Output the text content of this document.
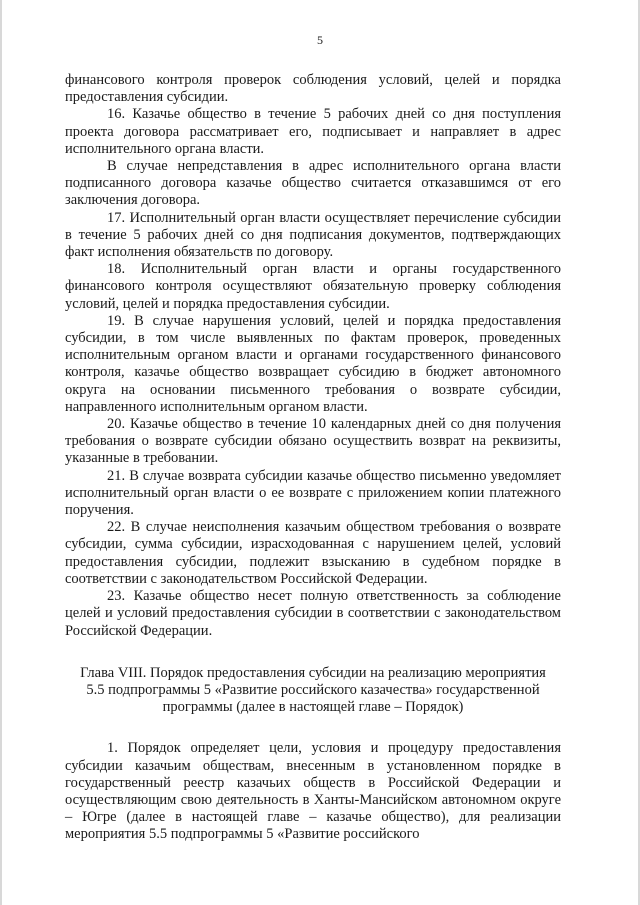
5

финансового контроля проверок соблюдения условий, целей и порядка предоставления субсидии.

16. Казачье общество в течение 5 рабочих дней со дня поступления проекта договора рассматривает его, подписывает и направляет в адрес исполнительного органа власти.

В случае непредставления в адрес исполнительного органа власти подписанного договора казачье общество считается отказавшимся от его заключения договора.

17. Исполнительный орган власти осуществляет перечисление субсидии в течение 5 рабочих дней со дня подписания документов, подтверждающих факт исполнения обязательств по договору.

18. Исполнительный орган власти и органы государственного финансового контроля осуществляют обязательную проверку соблюдения условий, целей и порядка предоставления субсидии.

19. В случае нарушения условий, целей и порядка предоставления субсидии, в том числе выявленных по фактам проверок, проведенных исполнительным органом власти и органами государственного финансового контроля, казачье общество возвращает субсидию в бюджет автономного округа на основании письменного требования о возврате субсидии, направленного исполнительным органом власти.

20. Казачье общество в течение 10 календарных дней со дня получения требования о возврате субсидии обязано осуществить возврат на реквизиты, указанные в требовании.

21. В случае возврата субсидии казачье общество письменно уведомляет исполнительный орган власти о ее возврате с приложением копии платежного поручения.

22. В случае неисполнения казачьим обществом требования о возврате субсидии, сумма субсидии, израсходованная с нарушением целей, условий предоставления субсидии, подлежит взысканию в судебном порядке в соответствии с законодательством Российской Федерации.

23. Казачье общество несет полную ответственность за соблюдение целей и условий предоставления субсидии в соответствии с законодательством Российской Федерации.

Глава VIII. Порядок предоставления субсидии на реализацию мероприятия 5.5 подпрограммы 5 «Развитие российского казачества» государственной программы (далее в настоящей главе – Порядок)

1. Порядок определяет цели, условия и процедуру предоставления субсидии казачьим обществам, внесенным в установленном порядке в государственный реестр казачьих обществ в Российской Федерации и осуществляющим свою деятельность в Ханты-Мансийском автономном округе – Югре (далее в настоящей главе – казачье общество), для реализации мероприятия 5.5 подпрограммы 5 «Развитие российского
